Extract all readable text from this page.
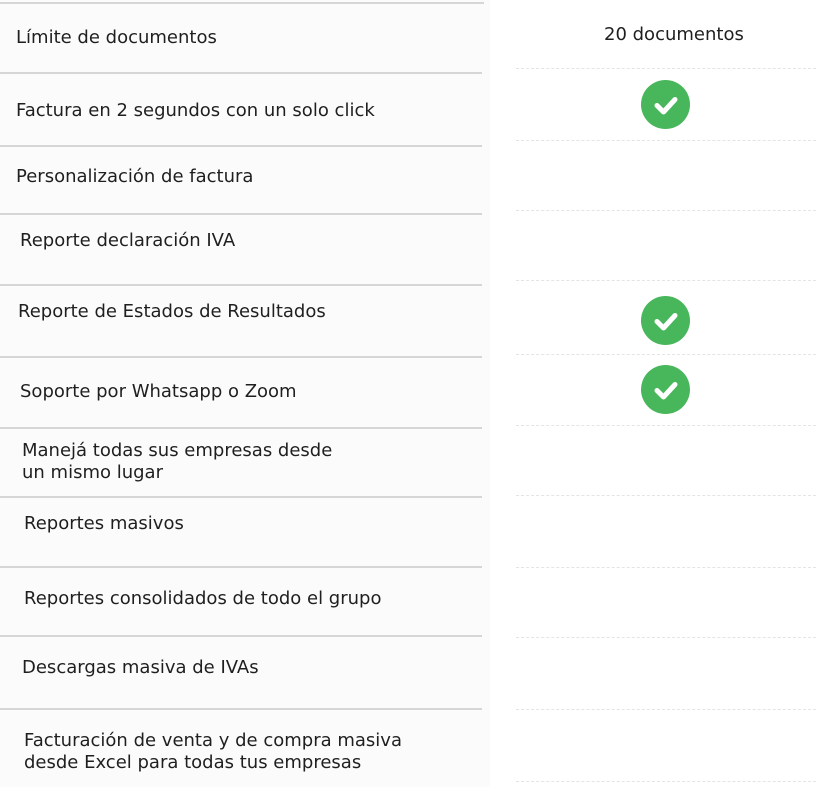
Límite de documentos
Factura en 2 segundos con un solo click
Personalización de factura
Reporte declaración IVA
Reporte de Estados de Resultados
Soporte por Whatsapp o Zoom
Manejá todas sus empresas desde
un mismo lugar
Reportes masivos
Reportes consolidados de todo el grupo
Descargas masiva de IVAs
Facturación de venta y de compra masiva
desde Excel para todas tus empresas
20 documentos
